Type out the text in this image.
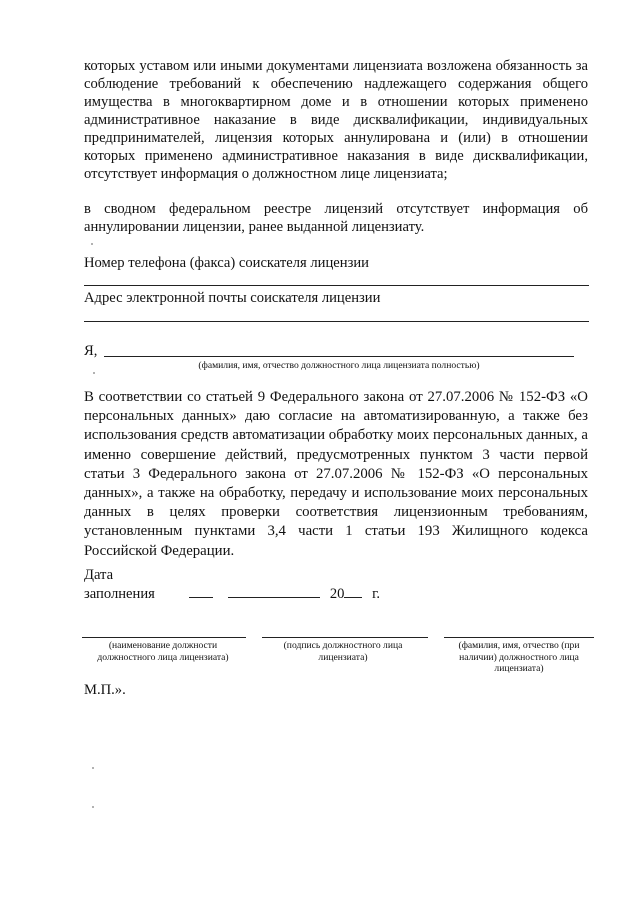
которых уставом или иными документами лицензиата возложена обязанность за соблюдение требований к обеспечению надлежащего содержания общего имущества в многоквартирном доме и в отношении которых применено административное наказание в виде дисквалификации, индивидуальных предпринимателей, лицензия которых аннулирована и (или) в отношении которых применено административное наказания в виде дисквалификации, отсутствует информация о должностном лице лицензиата;

в сводном федеральном реестре лицензий отсутствует информация об аннулировании лицензии, ранее выданной лицензиату.

Номер телефона (факса) соискателя лицензии
Адрес электронной почты соискателя лицензии
Я,
(фамилия, имя, отчество должностного лица лицензиата полностью)

В соответствии со статьей 9 Федерального закона от 27.07.2006 № 152-ФЗ «О персональных данных» даю согласие на автоматизированную, а также без использования средств автоматизации обработку моих персональных данных, а именно совершение действий, предусмотренных пунктом 3 части первой статьи 3 Федерального закона от 27.07.2006 № 152-ФЗ «О персональных данных», а также на обработку, передачу и использование моих персональных данных в целях проверки соответствия лицензионным требованиям, установленным пунктами 3,4 части 1 статьи 193 Жилищного кодекса Российской Федерации.

Дата
заполнения	20 г.
(наименование должности должностного лица лицензиата)
(подпись должностного лица лицензиата)
(фамилия, имя, отчество (при наличии) должностного лица лицензиата)
М.П.».
